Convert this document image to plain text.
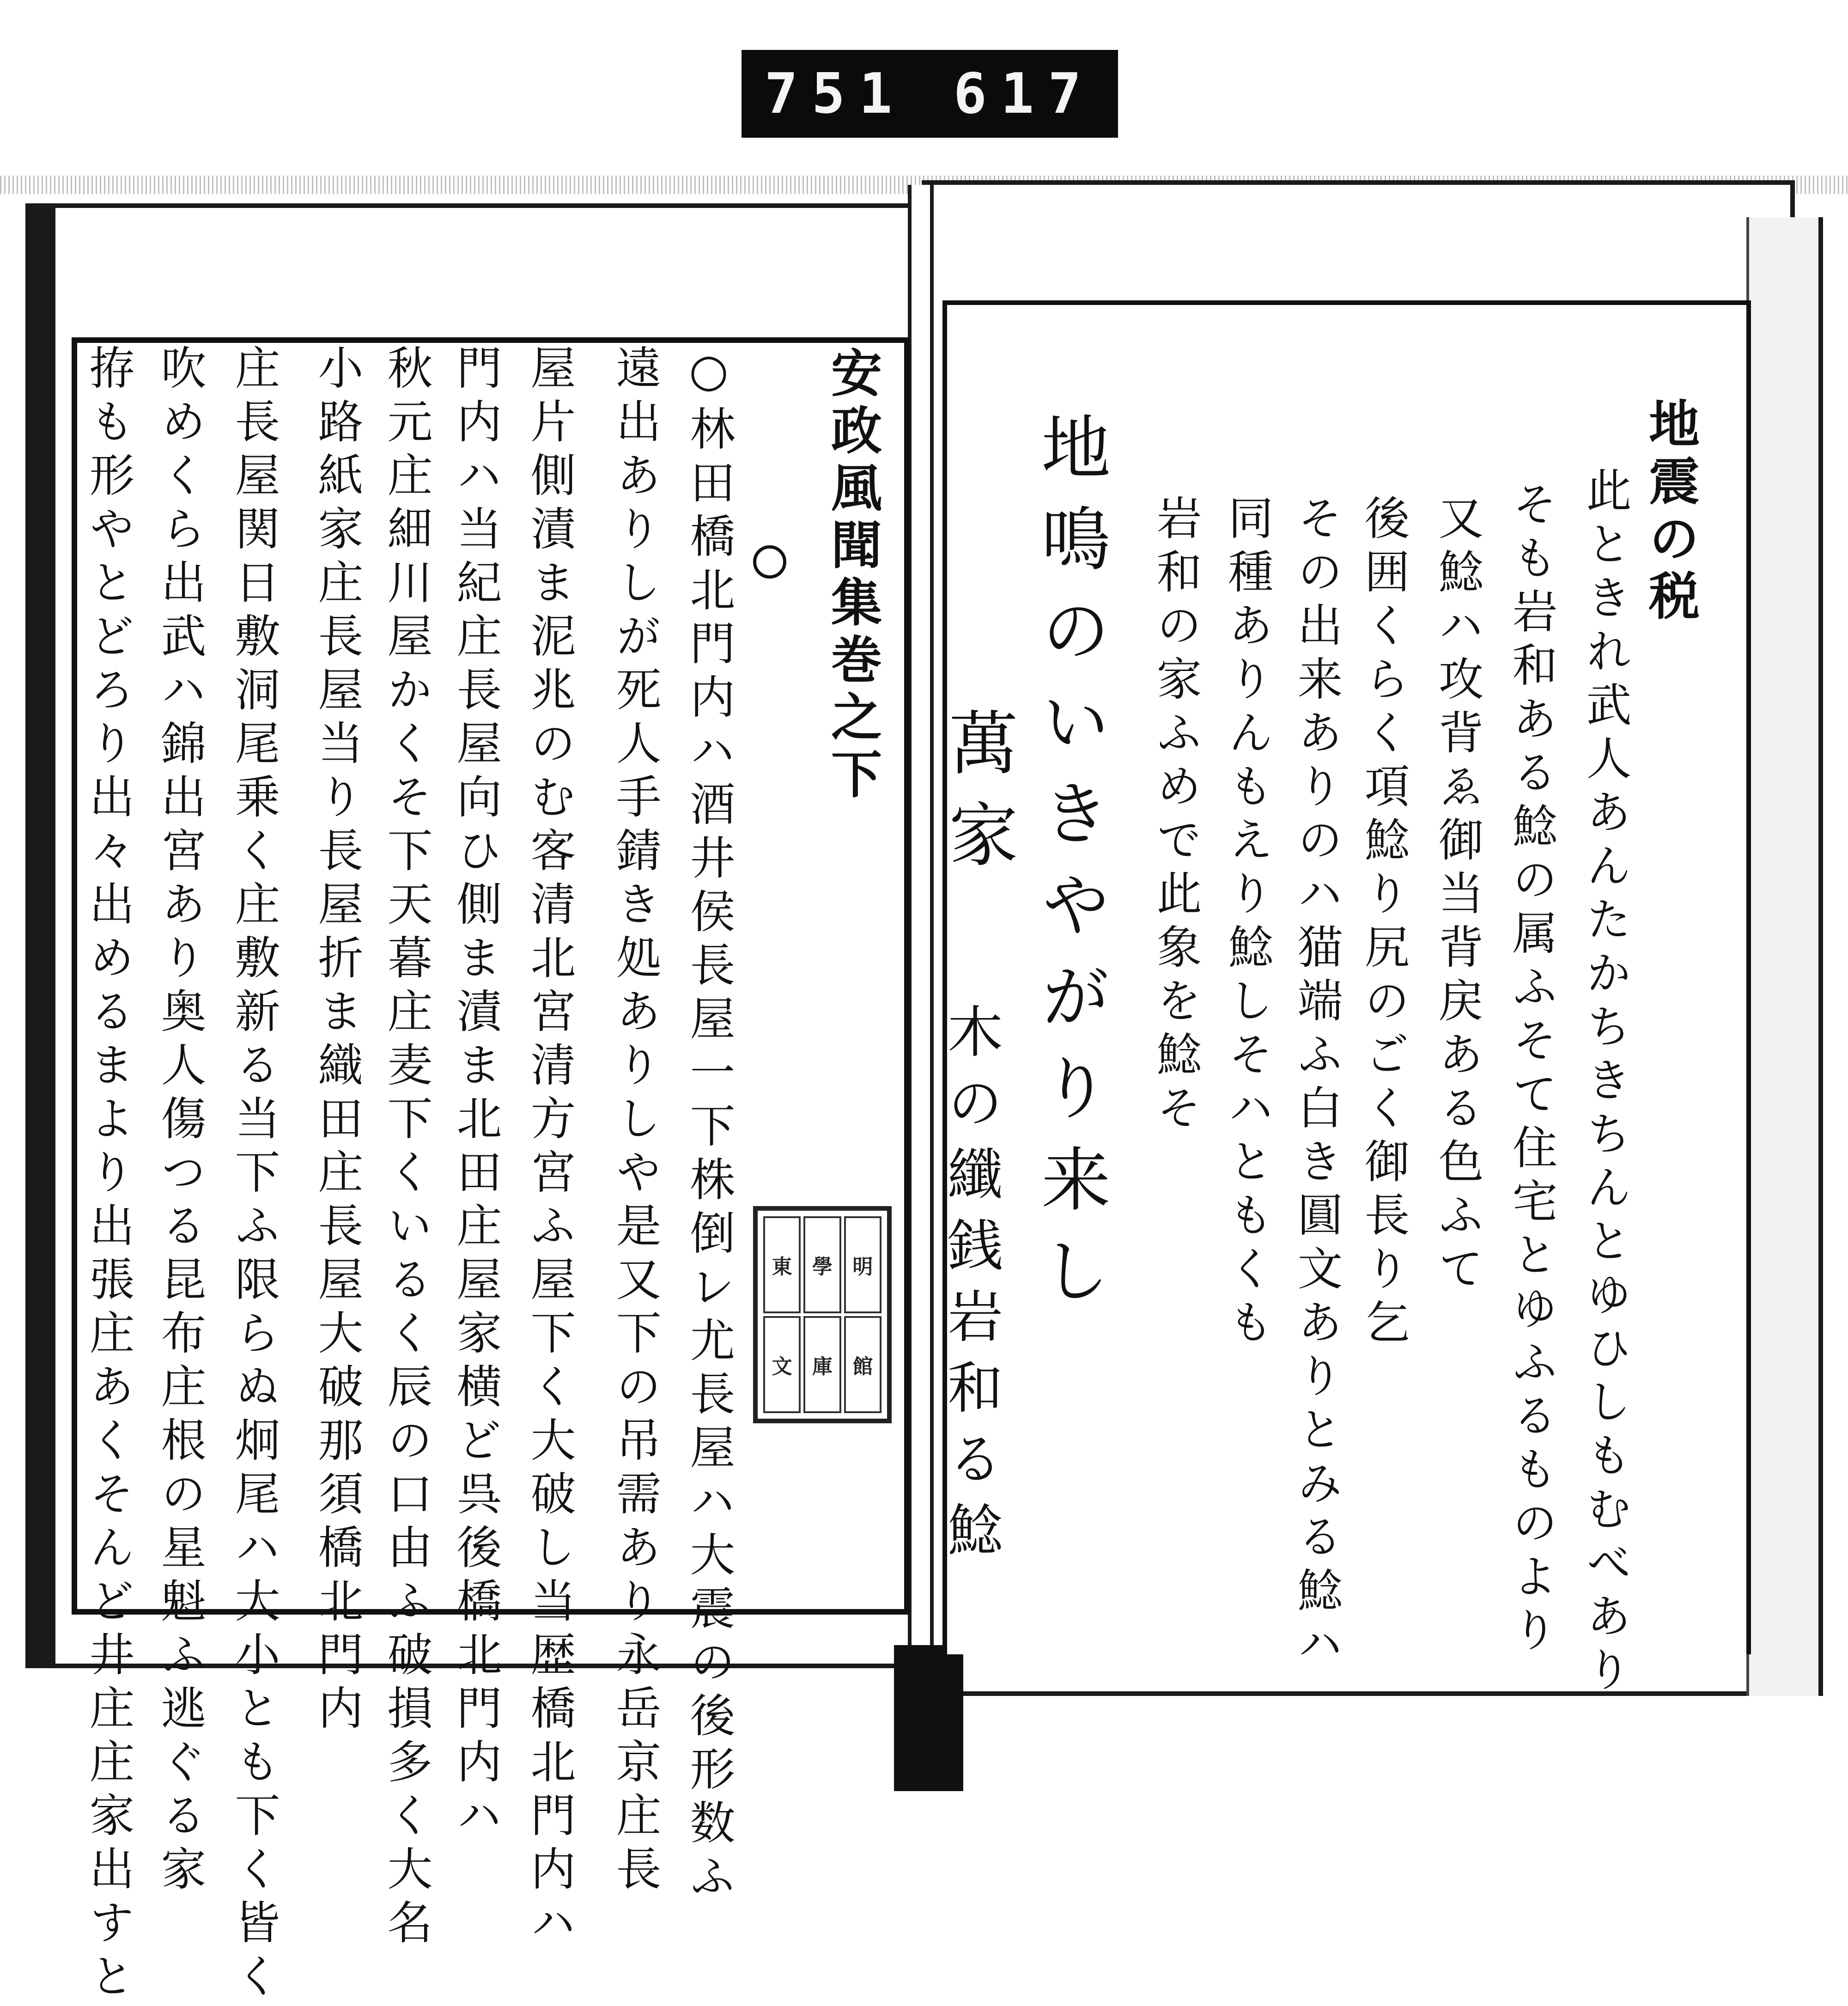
751 617
安政風聞集巻之下
○林田橋北門内ハ酒井侯長屋一下株倒レ尤長屋ハ大震の後形数ふ
遠出ありしが死人手錆き処ありしや是又下の吊需あり永岳京庄長
屋片側漬ま泥兆のむ客清北宮清方宮ふ屋下く大破し当歴橋北門内ハ
門内ハ当紀庄長屋向ひ側ま漬ま北田庄屋家横ど呉後橋北門内ハ
秋元庄細川屋かくそ下天暮庄麦下くいるく辰の口由ふ破損多く大名
小路紙家庄長屋当り長屋折ま織田庄長屋大破那須橋北門内
庄長屋関日敷洞尾乗く庄敷新る当下ふ限らぬ炯尾ハ大小とも下く皆く
吹めくら出武ハ錦出宮あり奥人傷つる昆布庄根の星魁ふ逃ぐる家
拵も形やとどろり出々出めるまより出張庄あくそんど井庄庄家出すと	東 學 明
文 庫 館
地震の税
此ときれ武人あんたかちきちんとゆひしもむべあり
そも岩和ある鯰の属ふそて住宅とゆふるものより
又鯰ハ攻背ゑ御当背戻ある色ふて
後囲くらく項鯰り尻のごく御長り乞
その出来ありのハ猫端ふ白き圓文ありとみる鯰ハ
同種ありんもえり鯰しそハともくも
岩和の家ふめで此象を鯰そ
地鳴のいきやがり来し
萬家
木の纖銭岩和る鯰
